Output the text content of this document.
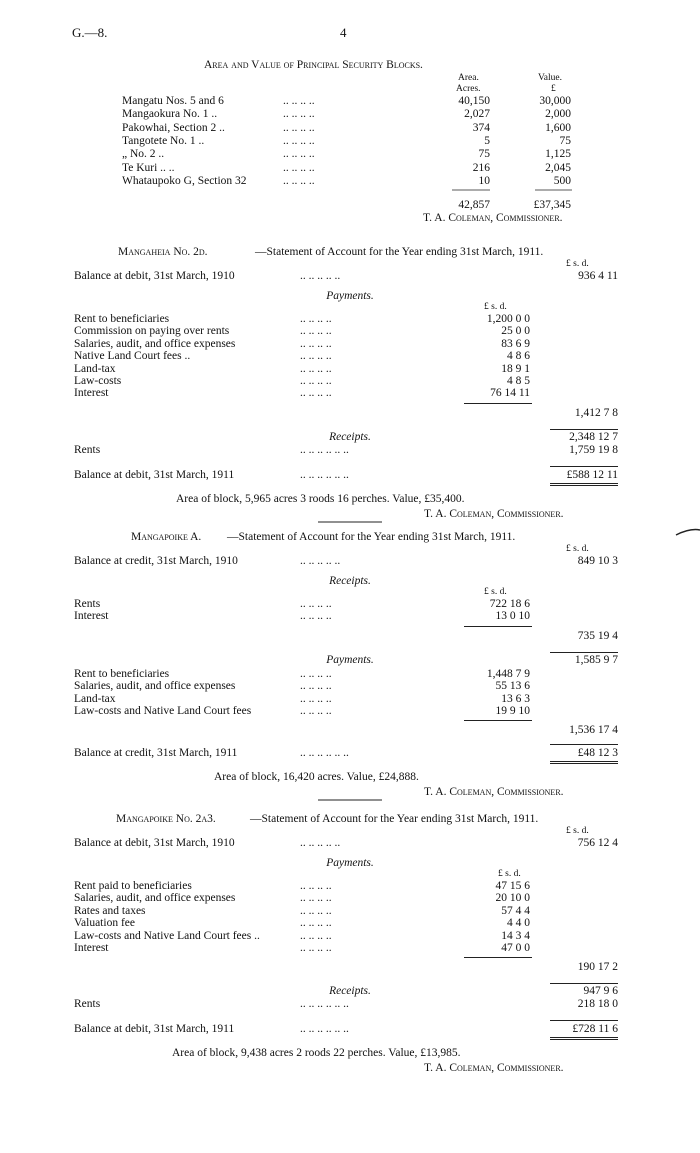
G.—8.	4
Area and Value of Principal Security Blocks.
Area.
Acres.
Value.
£
Mangatu Nos. 5 and 6	.. .. .. ..	40,150	30,000
Mangaokura No. 1 ..	.. .. .. ..	2,027	2,000
Pakowhai, Section 2 ..	.. .. .. ..	374	1,600
Tangotete No. 1 ..	.. .. .. ..	5	75
„ No. 2 ..	.. .. .. ..	75	1,125
Te Kuri .. ..	.. .. .. ..	216	2,045
Whataupoko G, Section 32	.. .. .. ..	10	500
42,857	£37,345
T. A. Coleman, Commissioner.
Mangaheia No. 2d.	—Statement of Account for the Year ending 31st March, 1911.
£ s. d.
Balance at debit, 31st March, 1910	.. .. .. .. ..	936 4 11
Payments.
£ s. d.
Rent to beneficiaries	.. .. .. ..	1,200 0 0
Commission on paying over rents	.. .. .. ..	25 0 0
Salaries, audit, and office expenses	.. .. .. ..	83 6 9
Native Land Court fees ..	.. .. .. ..	4 8 6
Land-tax	.. .. .. ..	18 9 1
Law-costs	.. .. .. ..	4 8 5
Interest	.. .. .. ..	76 14 11
1,412 7 8
Receipts.	2,348 12 7
Rents	.. .. .. .. .. ..	1,759 19 8
Balance at debit, 31st March, 1911	.. .. .. .. .. ..	£588 12 11
Area of block, 5,965 acres 3 roods 16 perches. Value, £35,400.
T. A. Coleman, Commissioner.
Mangapoike A. —Statement of Account for the Year ending 31st March, 1911.
£ s. d.
Balance at credit, 31st March, 1910	.. .. .. .. ..	849 10 3
Receipts.
£ s. d.
Rents	.. .. .. ..	722 18 6
Interest	.. .. .. ..	13 0 10
735 19 4
Payments.	1,585 9 7
Rent to beneficiaries	.. .. .. ..	1,448 7 9
Salaries, audit, and office expenses	.. .. .. ..	55 13 6
Land-tax	.. .. .. ..	13 6 3
Law-costs and Native Land Court fees	.. .. .. ..	19 9 10
1,536 17 4
Balance at credit, 31st March, 1911	.. .. .. .. .. ..	£48 12 3
Area of block, 16,420 acres. Value, £24,888.
T. A. Coleman, Commissioner.
Mangapoike No. 2a3.	—Statement of Account for the Year ending 31st March, 1911.
£ s. d.
Balance at debit, 31st March, 1910	.. .. .. .. ..	756 12 4
Payments.
£ s. d.
Rent paid to beneficiaries	.. .. .. ..	47 15 6
Salaries, audit, and office expenses	.. .. .. ..	20 10 0
Rates and taxes	.. .. .. ..	57 4 4
Valuation fee	.. .. .. ..	4 4 0
Law-costs and Native Land Court fees ..	.. .. .. ..	14 3 4
Interest	.. .. .. ..	47 0 0
190 17 2
Receipts.	947 9 6
Rents	.. .. .. .. .. ..	218 18 0
Balance at debit, 31st March, 1911	.. .. .. .. .. ..	£728 11 6
Area of block, 9,438 acres 2 roods 22 perches. Value, £13,985.
T. A. Coleman, Commissioner.
